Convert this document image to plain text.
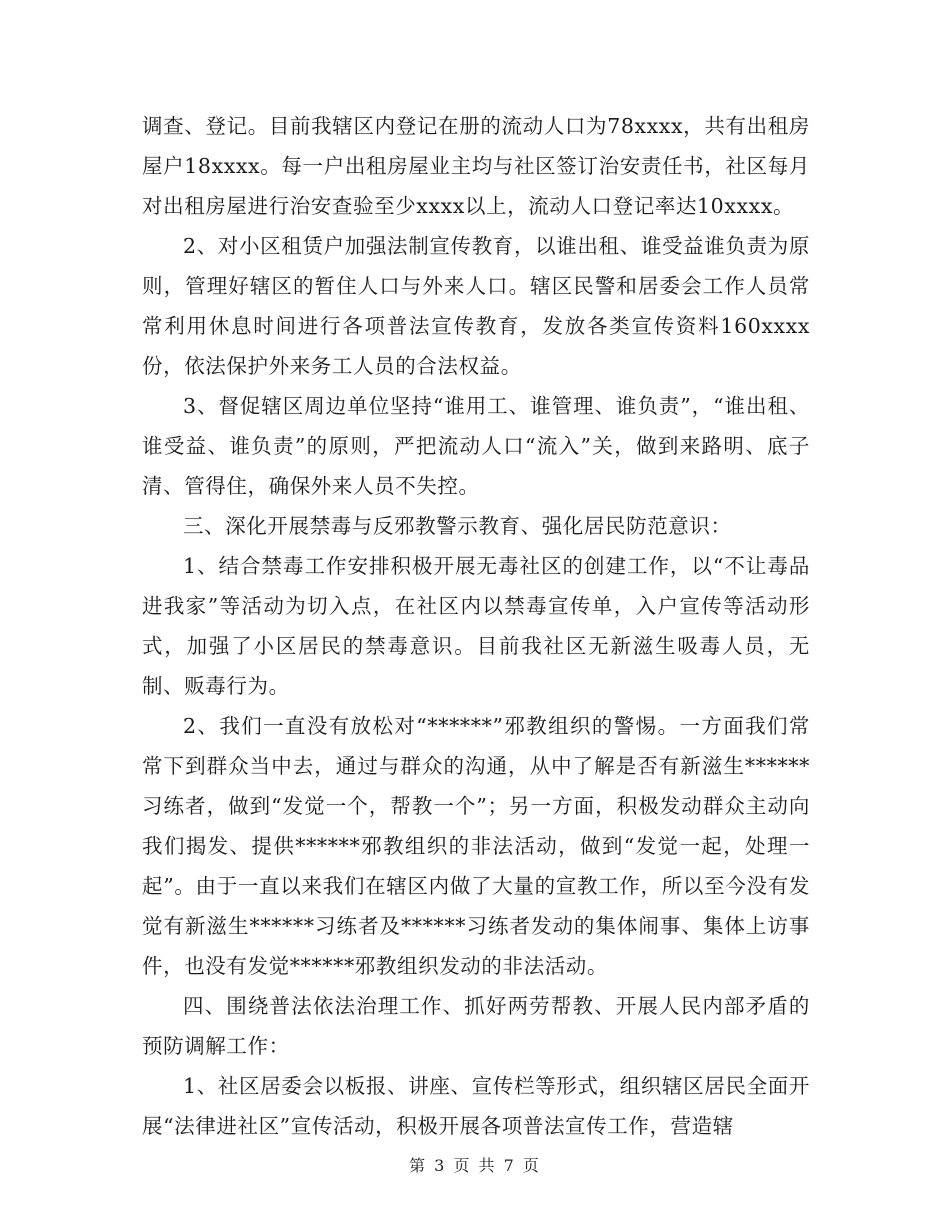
调查、登记。目前我辖区内登记在册的流动人口为78xxxx，共有出租房屋户18xxxx。每一户出租房屋业主均与社区签订治安责任书，社区每月对出租房屋进行治安查验至少xxxx以上，流动人口登记率达10xxxx。

2、对小区租赁户加强法制宣传教育，以谁出租、谁受益谁负责为原则，管理好辖区的暂住人口与外来人口。辖区民警和居委会工作人员常常利用休息时间进行各项普法宣传教育，发放各类宣传资料160xxxx份，依法保护外来务工人员的合法权益。

3、督促辖区周边单位坚持“谁用工、谁管理、谁负责”，“谁出租、谁受益、谁负责”的原则，严把流动人口“流入”关，做到来路明、底子清、管得住，确保外来人员不失控。

三、深化开展禁毒与反邪教警示教育、强化居民防范意识：

1、结合禁毒工作安排积极开展无毒社区的创建工作，以“不让毒品进我家”等活动为切入点，在社区内以禁毒宣传单，入户宣传等活动形式，加强了小区居民的禁毒意识。目前我社区无新滋生吸毒人员，无制、贩毒行为。

2、我们一直没有放松对“******”邪教组织的警惕。一方面我们常常下到群众当中去，通过与群众的沟通，从中了解是否有新滋生******习练者，做到“发觉一个，帮教一个”；另一方面，积极发动群众主动向我们揭发、提供******邪教组织的非法活动，做到“发觉一起，处理一起”。由于一直以来我们在辖区内做了大量的宣教工作，所以至今没有发觉有新滋生******习练者及******习练者发动的集体闹事、集体上访事件，也没有发觉******邪教组织发动的非法活动。

四、围绕普法依法治理工作、抓好两劳帮教、开展人民内部矛盾的预防调解工作：

1、社区居委会以板报、讲座、宣传栏等形式，组织辖区居民全面开展“法律进社区”宣传活动，积极开展各项普法宣传工作，营造辖

第 3 页 共 7 页
